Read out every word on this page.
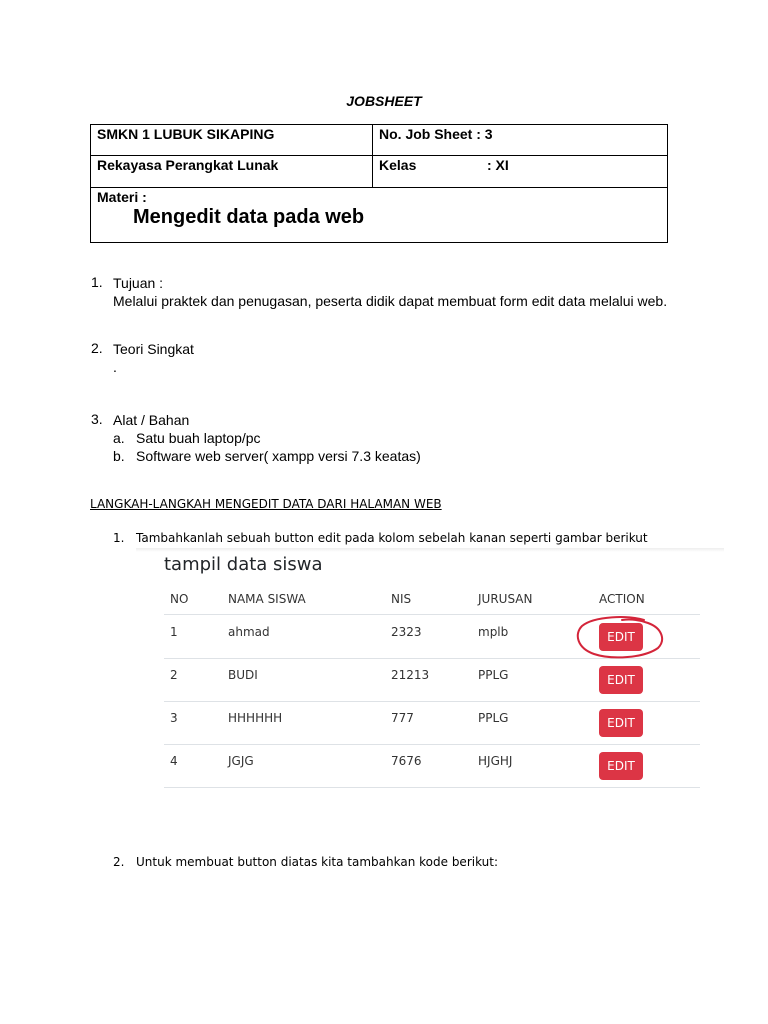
JOBSHEET
SMKN 1 LUBUK SIKAPING	No. Job Sheet : 3
Rekayasa Perangkat Lunak	Kelas	: XI
Materi :
Mengedit data pada web
1. Tujuan :
Melalui praktek dan penugasan, peserta didik dapat membuat form edit data melalui web.
2. Teori Singkat
.
3. Alat / Bahan
a. Satu buah laptop/pc
b. Software web server( xampp versi 7.3 keatas)
LANGKAH-LANGKAH MENGEDIT DATA DARI HALAMAN WEB
1. Tambahkanlah sebuah button edit pada kolom sebelah kanan seperti gambar berikut
tampil data siswa
NO	NAMA SISWA	NIS	JURUSAN	ACTION
1	ahmad	2323	mplb	EDIT
2	BUDI	21213	PPLG	EDIT
3	HHHHHH	777	PPLG	EDIT
4	JGJG	7676	HJGHJ	EDIT
2. Untuk membuat button diatas kita tambahkan kode berikut:
